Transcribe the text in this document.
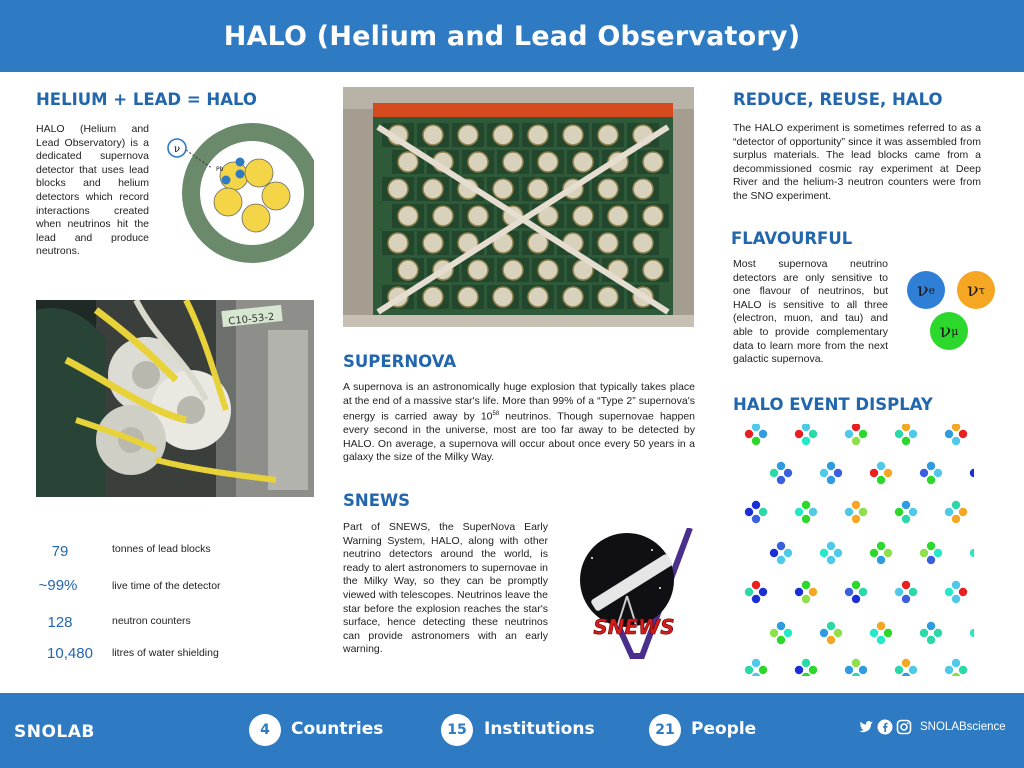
HALO (Helium and Lead Observatory)
HELIUM + LEAD = HALO
HALO (Helium and Lead Observatory) is a dedicated supernova detector that uses lead blocks and helium detectors which record interactions created when neutrinos hit the lead and produce neutrons.
ν
Pb
C10-53-2
SUPERNOVA
A supernova is an astronomically huge explosion that typically takes place at the end of a massive star's life. More than 99% of a “Type 2” supernova's energy is carried away by $10^{58}$ neutrinos. Though supernovae happen every second in the universe, most are too far away to be detected by HALO. On average, a supernova will occur about once every 50 years in a galaxy the size of the Milky Way.
SNEWS
Part of SNEWS, the SuperNova Early Warning System, HALO, along with other neutrino detectors around the world, is ready to alert astronomers to supernovae in the Milky Way, so they can be promptly viewed with telescopes. Neutrinos leave the star before the explosion reaches the star's surface, hence detecting these neutrinos can provide astronomers with an early warning.
SNEWS
79	tonnes of lead blocks
~99%	live time of the detector
128	neutron counters
10,480	litres of water shielding
REDUCE, REUSE, HALO
The HALO experiment is sometimes referred to as a “detector of opportunity” since it was assembled from surplus materials. The lead blocks came from a decommissioned cosmic ray experiment at Deep River and the helium-3 neutron counters were from the SNO experiment.
FLAVOURFUL
Most supernova neutrino detectors are only sensitive to one flavour of neutrinos, but HALO is sensitive to all three (electron, muon, and tau) and able to provide complementary data to learn more from the next galactic supernova.
ν e ν τ
ν μ
HALO EVENT DISPLAY
SNOLAB	4	Countries	15	Institutions	21 People	SNOLABscience
